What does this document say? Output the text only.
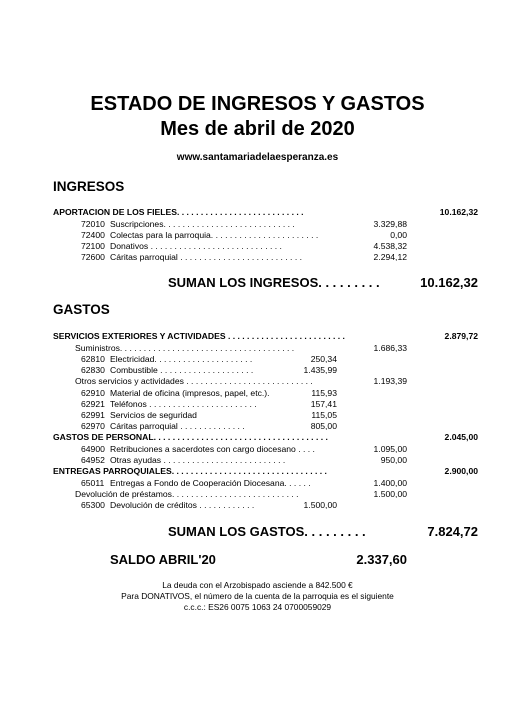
ESTADO DE INGRESOS Y GASTOS
Mes de abril de 2020
www.santamariadelaesperanza.es
INGRESOS
APORTACION DE LOS FIELES. . . . . . . . . . . . . . . . . . . . . . . . . . .	10.162,32
72010 Suscripciones. . . . . . . . . . . . . . . . . . . . . . . . . . . .	3.329,88
72400 Colectas para la parroquia. . . . . . . . . . . . . . . . . . . . . . .	0,00
72100 Donativos . . . . . . . . . . . . . . . . . . . . . . . . . . . .	4.538,32
72600 Cáritas parroquial . . . . . . . . . . . . . . . . . . . . . . . . . .	2.294,12
SUMAN LOS INGRESOS. . . . . . . . .	10.162,32
GASTOS
SERVICIOS EXTERIORES Y ACTIVIDADES . . . . . . . . . . . . . . . . . . . . . . . . .	2.879,72
Suministros. . . . . . . . . . . . . . . . . . . . . . . . . . . . . . . . . . . . .	1.686,33
62810 Electricidad. . . . . . . . . . . . . . . . . . . . .	250,34
62830 Combustible . . . . . . . . . . . . . . . . . . . .	1.435,99
Otros servicios y actividades . . . . . . . . . . . . . . . . . . . . . . . . . . .	1.193,39
62910 Material de oficina (impresos, papel, etc.).	115,93
62921 Teléfonos . . . . . . . . . . . . . . . . . . . . . . .	157,41
62991 Servicios de seguridad	115,05
62970 Cáritas parroquial . . . . . . . . . . . . . .	805,00
GASTOS DE PERSONAL. . . . . . . . . . . . . . . . . . . . . . . . . . . . . . . . . . . . .	2.045,00
64900 Retribuciones a sacerdotes con cargo diocesano . . . .	1.095,00
64952 Otras ayudas . . . . . . . . . . . . . . . . . . . . . . . . . .	950,00
ENTREGAS PARROQUIALES. . . . . . . . . . . . . . . . . . . . . . . . . . . . . . . . .	2.900,00
65011 Entregas a Fondo de Cooperación Diocesana. . . . . .	1.400,00
Devolución de préstamos. . . . . . . . . . . . . . . . . . . . . . . . . . .	1.500,00
65300 Devolución de créditos . . . . . . . . . . . .	1.500,00
SUMAN LOS GASTOS. . . . . . . . .	7.824,72
SALDO ABRIL'20	2.337,60
La deuda con el Arzobispado asciende a 842.500 €
Para DONATIVOS, el número de la cuenta de la parroquia es el siguiente
c.c.c.: ES26 0075 1063 24 0700059029
